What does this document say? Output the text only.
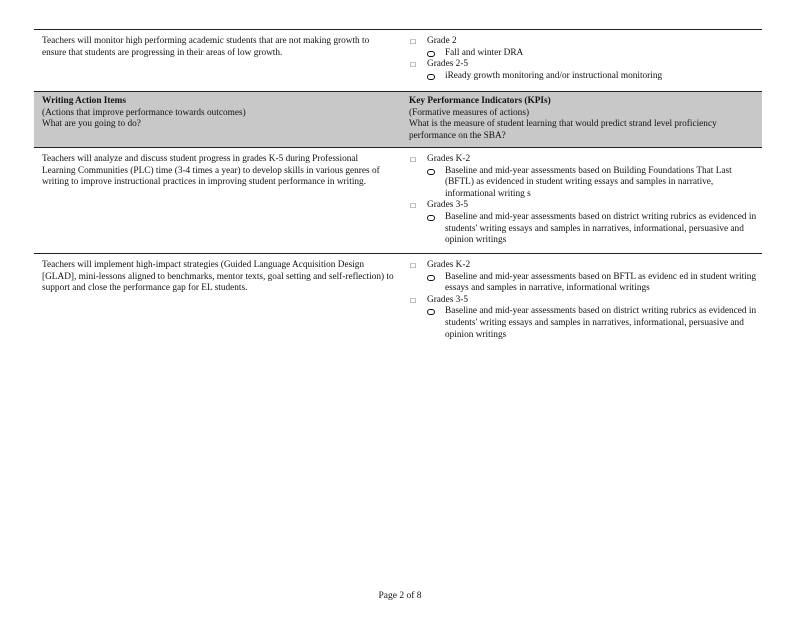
Teachers will monitor high performing academic students that are not making growth to ensure that students are progressing in their areas of low growth.

□ Grade 2
Fall and winter DRA
□ Grades 2-5
iReady growth monitoring and/or instructional monitoring

Writing Action Items

(Actions that improve performance towards outcomes)

What are you going to do?

Key Performance Indicators (KPIs)

(Formative measures of actions)

What is the measure of student learning that would predict strand level proficiency performance on the SBA?

Teachers will analyze and discuss student progress in grades K-5 during Professional Learning Communities (PLC) time (3-4 times a year) to develop skills in various genres of writing to improve instructional practices in improving student performance in writing.

□ Grades K-2
Baseline and mid-year assessments based on Building Foundations That Last (BFTL) as evidenced in student writing essays and samples in narrative, informational writing s
□ Grades 3-5
Baseline and mid-year assessments based on district writing rubrics as evidenced in students' writing essays and samples in narratives, informational, persuasive and opinion writings

Teachers will implement high-impact strategies (Guided Language Acquisition Design [GLAD], mini-lessons aligned to benchmarks, mentor texts, goal setting and self-reflection) to support and close the performance gap for EL students.

□ Grades K-2
Baseline and mid-year assessments based on BFTL as evidenc ed in student writing essays and samples in narrative, informational writings
□ Grades 3-5
Baseline and mid-year assessments based on district writing rubrics as evidenced in students' writing essays and samples in narratives, informational, persuasive and opinion writings
Page 2 of 8
